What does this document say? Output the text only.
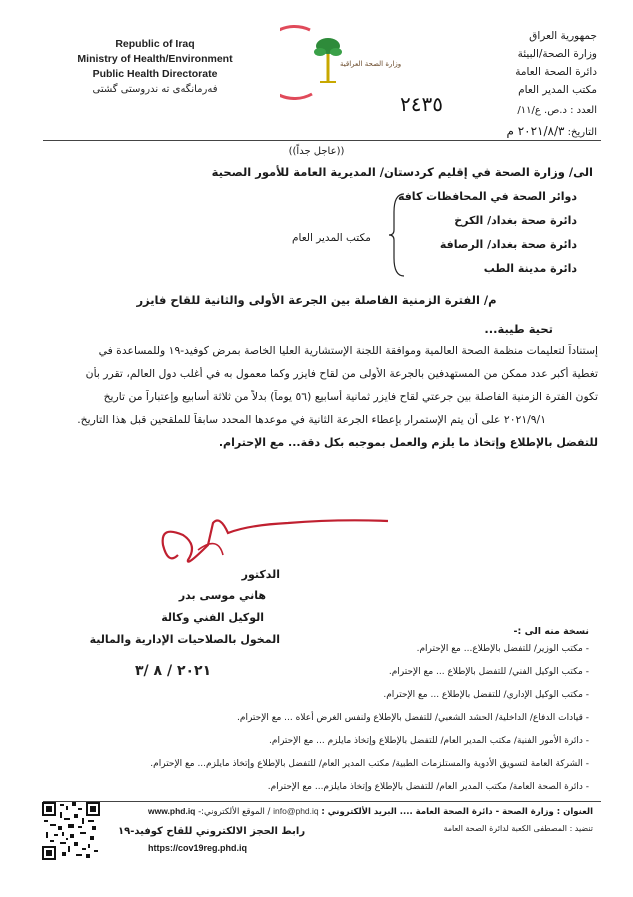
Republic of Iraq
Ministry of Health/Environment
Public Health Directorate
فەرمانگەی تە ندروستی گشتی
وزارة الصحة العراقية
جمهورية العراق
وزارة الصحة/البيئة
دائرة الصحة العامة
مكتب المدير العام
العدد : د.ص. ع/١١/
٢٤٣٥
التاريخ: ٢٠٢١/٨/٣ م
((عاجل جداً))
الى/ وزارة الصحة في إقليم كردستان/ المديرية العامة للأمور الصحية
دوائر الصحة في المحافظات كافة
دائرة صحة بغداد/ الكرخ
دائرة صحة بغداد/ الرصافة
دائرة مدينة الطب
مكتب المدير العام
م/ الفترة الزمنية الفاصلة بين الجرعة الأولى والثانية للقاح فايزر
تحية طيبة...
إستناداً لتعليمات منظمة الصحة العالمية وموافقة اللجنة الإستشارية العليا الخاصة بمرض كوفيد-١٩ وللمساعدة في
تغطية أكبر عدد ممكن من المستهدفين بالجرعة الأولى من لقاح فايزر وكما معمول به في أغلب دول العالم، تقرر بأن
تكون الفترة الزمنية الفاصلة بين جرعتي لقاح فايزر ثمانية أسابيع (٥٦ يوماً) بدلاً من ثلاثة أسابيع وإعتباراً من تاريخ
٢٠٢١/٩/١ على أن يتم الإستمرار بإعطاء الجرعة الثانية في موعدها المحدد سابقاً للملقحين قبل هذا التاريخ.
للتفضل بالإطلاع وإتخاذ ما يلزم والعمل بموجبه بكل دقة... مع الإحترام.
الدكتور
هاني موسى بدر
الوكيل الفني وكالة
المخول بالصلاحيات الإدارية والمالية
٢٠٢١ / ٨ /٣
نسخة منه الى :-
- مكتب الوزير/ للتفضل بالإطلاع... مع الإحترام.
- مكتب الوكيل الفني/ للتفضل بالإطلاع ... مع الإحترام.
- مكتب الوكيل الإداري/ للتفضل بالإطلاع ... مع الإحترام.
- قيادات الدفاع/ الداخلية/ الحشد الشعبي/ للتفضل بالإطلاع ولنفس الغرض أعلاه ... مع الإحترام.
- دائرة الأمور الفنية/ مكتب المدير العام/ للتفضل بالإطلاع وإتخاذ مايلزم ... مع الإحترام.
- الشركة العامة لتسويق الأدوية والمستلزمات الطبية/ مكتب المدير العام/ للتفضل بالإطلاع وإتخاذ مايلزم... مع الإحترام.
- دائرة الصحة العامة/ مكتب المدير العام/ للتفضل بالإطلاع وإتخاذ مايلزم... مع الإحترام.
العنوان : وزارة الصحة - دائرة الصحة العامة .... البريد الألكتروني : info@phd.iq / الموقع الألكتروني:- www.phd.iq
تنضيد : المصطفى الكعبة لدائرة الصحة العامة
رابط الحجز الالكتروني للقاح كوفيد-١٩
https://cov19reg.phd.iq
